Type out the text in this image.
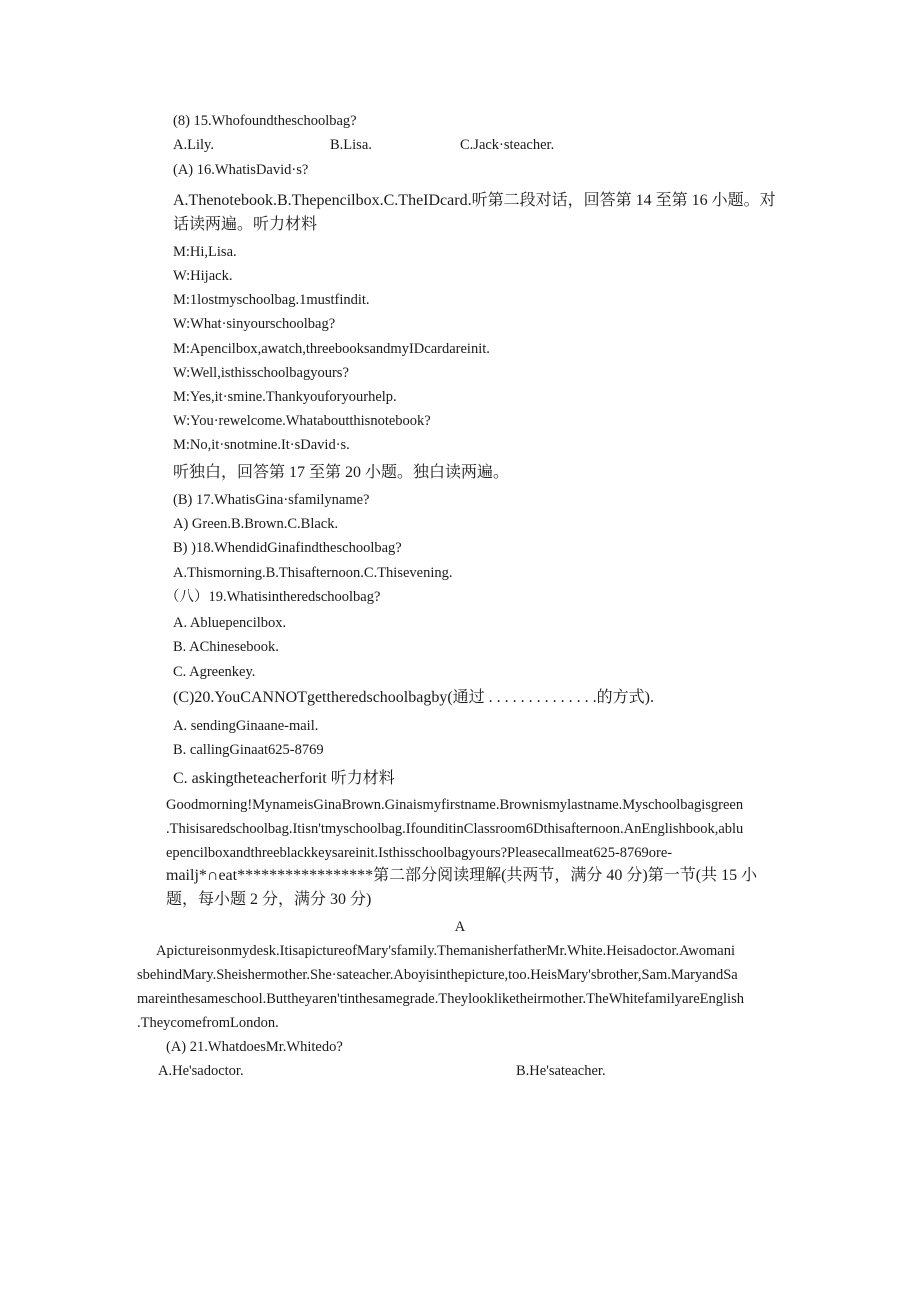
(8) 15.Whofoundtheschoolbag?
A.Lily.	B.Lisa.	C.Jack·steacher.
(A) 16.WhatisDavid·s?
A.Thenotebook.B.Thepencilbox.C.TheIDcard.听第二段对话，回答第 14 至第 16 小题。对
话读两遍。听力材料
M:Hi,Lisa.
W:Hijack.
M:1lostmyschoolbag.1mustfindit.
W:What·sinyourschoolbag?
M:Apencilbox,awatch,threebooksandmyIDcardareinit.
W:Well,isthisschoolbagyours?
M:Yes,it·smine.Thankyouforyourhelp.
W:You·rewelcome.Whataboutthisnotebook?
M:No,it·snotmine.It·sDavid·s.
听独白，回答第 17 至第 20 小题。独白读两遍。
(B) 17.WhatisGina·sfamilyname?
A) Green.B.Brown.C.Black.
B) )18.WhendidGinafindtheschoolbag?
A.Thismorning.B.Thisafternoon.C.Thisevening.
（八）19.Whatisintheredschoolbag?
A. Abluepencilbox.
B. AChinesebook.
C. Agreenkey.
(C)20.YouCANNOTgettheredschoolbagby(通过 . . . . . . . . . . . . . .的方式).
A. sendingGinaane-mail.
B. callingGinaat625-8769
C. askingtheteacherforit 听力材料
Goodmorning!MynameisGinaBrown.Ginaismyfirstname.Brownismylastname.Myschoolbagisgreen
.Thisisaredschoolbag.Itisn'tmyschoolbag.IfounditinClassroom6Dthisafternoon.AnEnglishbook,ablu
epencilboxandthreeblackkeysareinit.Isthisschoolbagyours?Pleasecallmeat625-8769ore-
mailj*∩eat*****************第二部分阅读理解(共两节，满分 40 分)第一节(共 15 小
题，每小题 2 分，满分 30 分)
A
Apictureisonmydesk.ItisapictureofMary'sfamily.ThemanisherfatherMr.White.Heisadoctor.Awomani
sbehindMary.Sheishermother.She·sateacher.Aboyisinthepicture,too.HeisMary'sbrother,Sam.MaryandSa
mareinthesameschool.Buttheyaren'tinthesamegrade.Theylookliketheirmother.TheWhitefamilyareEnglish
.TheycomefromLondon.
(A) 21.WhatdoesMr.Whitedo?
A.He'sadoctor.	B.He'sateacher.
